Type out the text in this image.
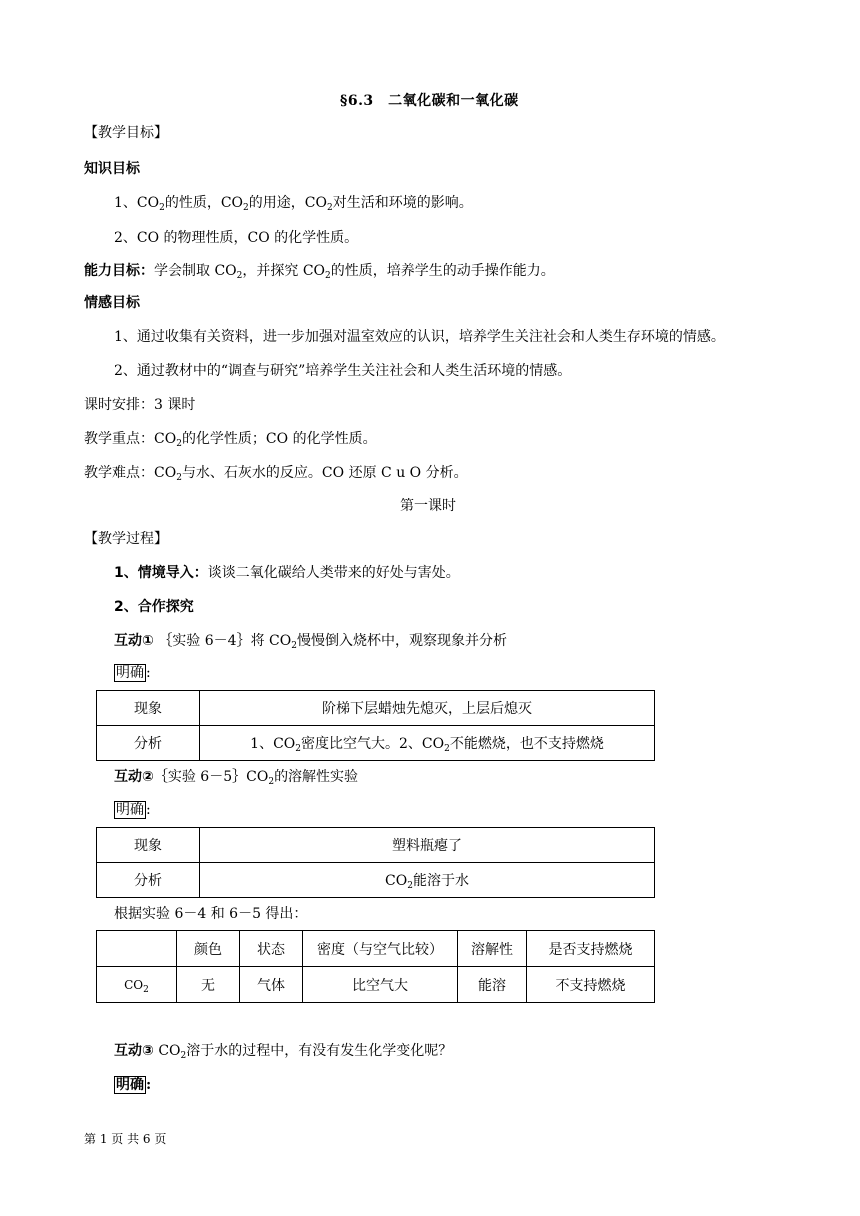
§6.3　二氧化碳和一氧化碳
【教学目标】
知识目标
1、$CO_2$的性质，$CO_2$的用途，$CO_2$对生活和环境的影响。
2、CO 的物理性质，CO 的化学性质。
能力目标：学会制取 $CO_2$，并探究 $CO_2$的性质，培养学生的动手操作能力。
情感目标
1、通过收集有关资料，进一步加强对温室效应的认识，培养学生关注社会和人类生存环境的情感。
2、通过教材中的“调查与研究”培养学生关注社会和人类生活环境的情感。
课时安排：3 课时
教学重点：$CO_2$的化学性质；CO 的化学性质。
教学难点：$CO_2$与水、石灰水的反应。CO 还原 C u O 分析。
第一课时
【教学过程】
1、情境导入：谈谈二氧化碳给人类带来的好处与害处。
2、合作探究
互动① ｛实验 6－4｝将 $CO_2$慢慢倒入烧杯中，观察现象并分析
明确 :
现象	阶梯下层蜡烛先熄灭，上层后熄灭
分析	1、$CO_2$密度比空气大。2、$CO_2$不能燃烧，也不支持燃烧
互动②｛实验 $6-5\}CO_2$的溶解性实验
明确 :
现象	塑料瓶瘪了
分析	$CO_2$能溶于水
根据实验 6－4 和 6－5 得出：
	颜色	状态	密度（与空气比较）	溶解性	是否支持燃烧
$CO_2$	无	气体	比空气大	能溶	不支持燃烧
互动③ $CO_2$溶于水的过程中，有没有发生化学变化呢？
明确 :
第 1 页 共 6 页
